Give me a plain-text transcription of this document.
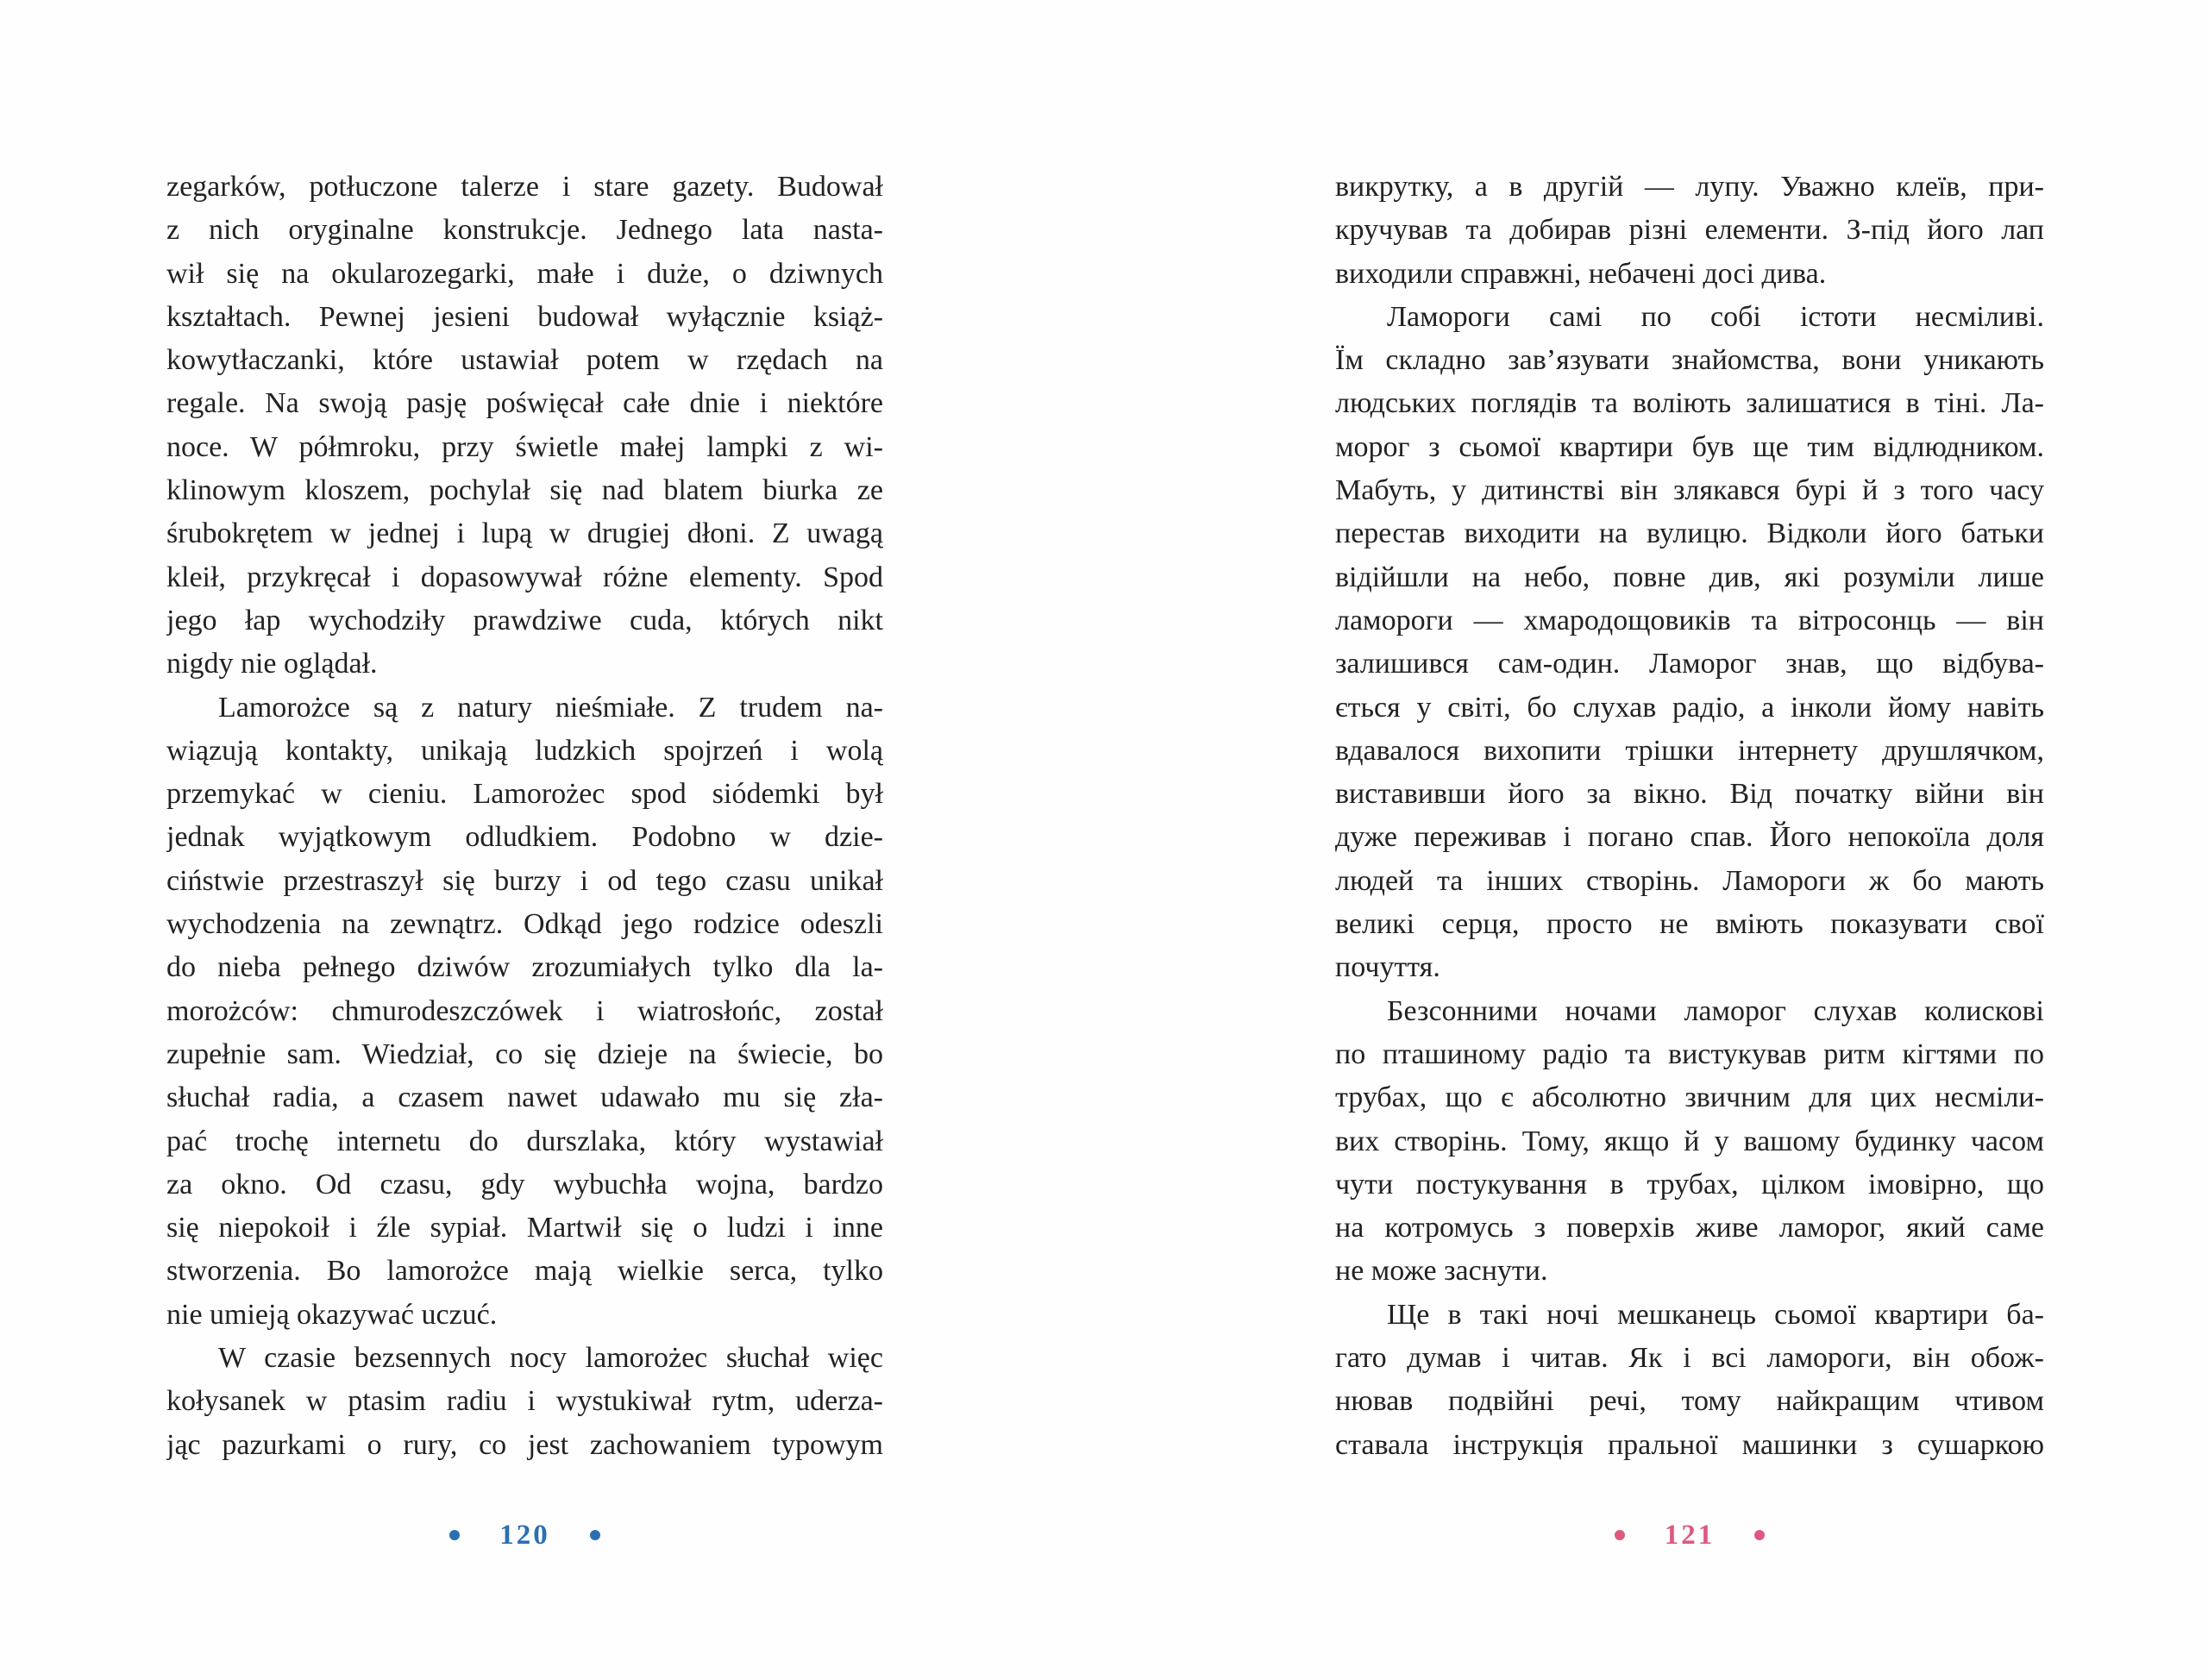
zegarków, potłuczone talerze i stare gazety. Budował
z nich oryginalne konstrukcje. Jednego lata nasta-
wił się na okularozegarki, małe i duże, o dziwnych
kształtach. Pewnej jesieni budował wyłącznie książ-
kowytłaczanki, które ustawiał potem w rzędach na
regale. Na swoją pasję poświęcał całe dnie i niektóre
noce. W półmroku, przy świetle małej lampki z wi-
klinowym kloszem, pochylał się nad blatem biurka ze
śrubokrętem w jednej i lupą w drugiej dłoni. Z uwagą
kleił, przykręcał i dopasowywał różne elementy. Spod
jego łap wychodziły prawdziwe cuda, których nikt
nigdy nie oglądał.
Lamorożce są z natury nieśmiałe. Z trudem na-
wiązują kontakty, unikają ludzkich spojrzeń i wolą
przemykać w cieniu. Lamorożec spod siódemki był
jednak wyjątkowym odludkiem. Podobno w dzie-
ciństwie przestraszył się burzy i od tego czasu unikał
wychodzenia na zewnątrz. Odkąd jego rodzice odeszli
do nieba pełnego dziwów zrozumiałych tylko dla la-
morożców: chmurodeszczówek i wiatrosłońc, został
zupełnie sam. Wiedział, co się dzieje na świecie, bo
słuchał radia, a czasem nawet udawało mu się zła-
pać trochę internetu do durszlaka, który wystawiał
za okno. Od czasu, gdy wybuchła wojna, bardzo
się niepokoił i źle sypiał. Martwił się o ludzi i inne
stworzenia. Bo lamorożce mają wielkie serca, tylko
nie umieją okazywać uczuć.
W czasie bezsennych nocy lamorożec słuchał więc
kołysanek w ptasim radiu i wystukiwał rytm, uderza-
jąc pazurkami o rury, co jest zachowaniem typowym
викрутку, а в другій — лупу. Уважно клеїв, при-
кручував та добирав різні елементи. З-під його лап
виходили справжні, небачені досі дива.
Ламороги самі по собі істоти несміливі.
Їм складно зав’язувати знайомства, вони уникають
людських поглядів та воліють залишатися в тіні. Ла-
морог з сьомої квартири був ще тим відлюдником.
Мабуть, у дитинстві він злякався бурі й з того часу
перестав виходити на вулицю. Відколи його батьки
відійшли на небо, повне див, які розуміли лише
ламороги — хмародощовиків та вітросонць — він
залишився сам-один. Ламорог знав, що відбува-
ється у світі, бо слухав радіо, а інколи йому навіть
вдавалося вихопити трішки інтернету друшлячком,
виставивши його за вікно. Від початку війни він
дуже переживав і погано спав. Його непокоїла доля
людей та інших створінь. Ламороги ж бо мають
великі серця, просто не вміють показувати свої
почуття.
Безсонними ночами ламорог слухав колискові
по пташиному радіо та вистукував ритм кігтями по
трубах, що є абсолютно звичним для цих несміли-
вих створінь. Тому, якщо й у вашому будинку часом
чути постукування в трубах, цілком імовірно, що
на котромусь з поверхів живе ламорог, який саме
не може заснути.
Ще в такі ночі мешканець сьомої квартири ба-
гато думав і читав. Як і всі ламороги, він обож-
нював подвійні речі, тому найкращим чтивом
ставала інструкція пральної машинки з сушаркою
120	121
